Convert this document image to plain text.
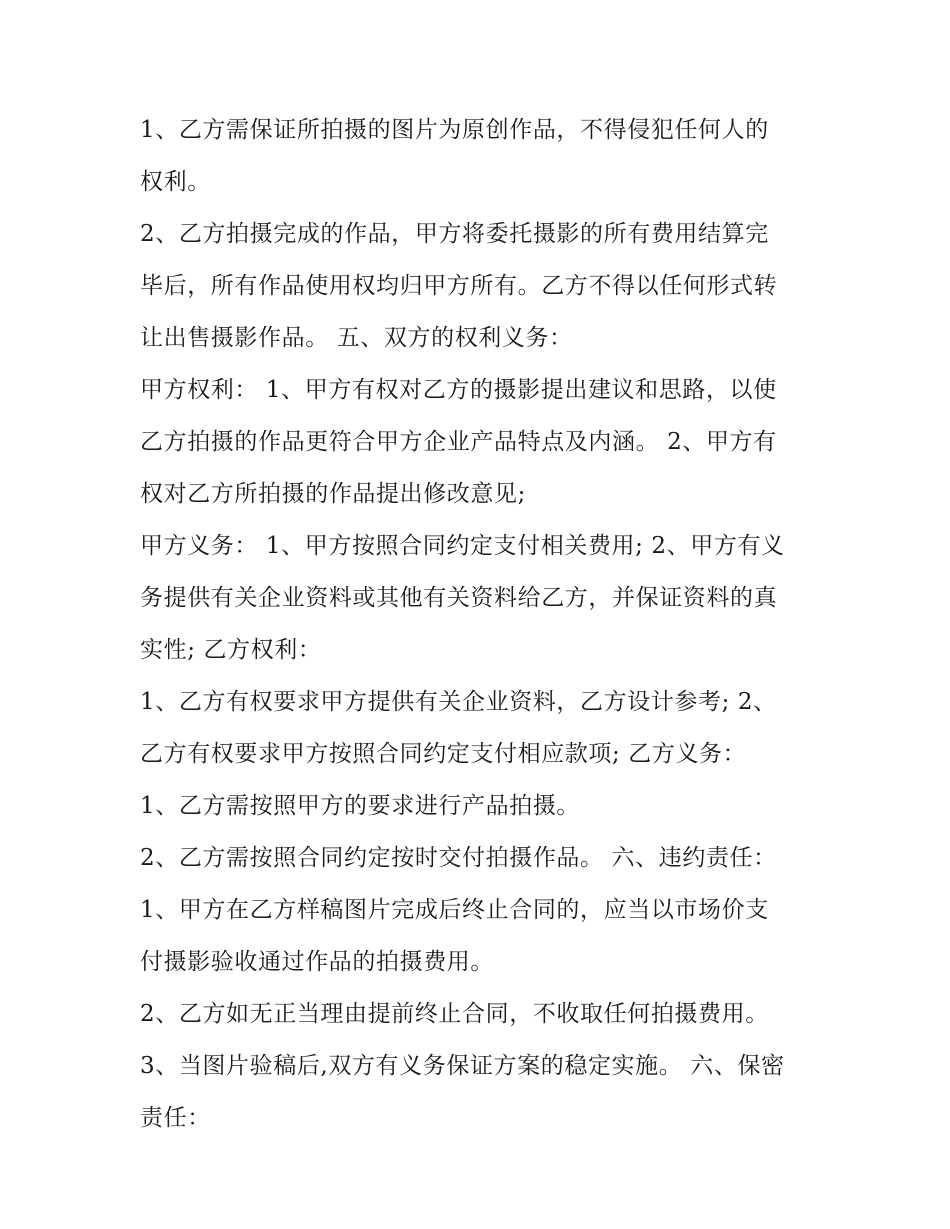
1、乙方需保证所拍摄的图片为原创作品，不得侵犯任何人的
权利。
2、乙方拍摄完成的作品，甲方将委托摄影的所有费用结算完
毕后，所有作品使用权均归甲方所有。乙方不得以任何形式转
让出售摄影作品。 五、双方的权利义务：
甲方权利： 1、甲方有权对乙方的摄影提出建议和思路，以使
乙方拍摄的作品更符合甲方企业产品特点及内涵。 2、甲方有
权对乙方所拍摄的作品提出修改意见;
甲方义务： 1、甲方按照合同约定支付相关费用; 2、甲方有义
务提供有关企业资料或其他有关资料给乙方，并保证资料的真
实性; 乙方权利：
1、乙方有权要求甲方提供有关企业资料，乙方设计参考; 2、
乙方有权要求甲方按照合同约定支付相应款项; 乙方义务：
1、乙方需按照甲方的要求进行产品拍摄。
2、乙方需按照合同约定按时交付拍摄作品。 六、违约责任：
1、甲方在乙方样稿图片完成后终止合同的，应当以市场价支
付摄影验收通过作品的拍摄费用。
2、乙方如无正当理由提前终止合同，不收取任何拍摄费用。
3、当图片验稿后,双方有义务保证方案的稳定实施。 六、保密
责任：
